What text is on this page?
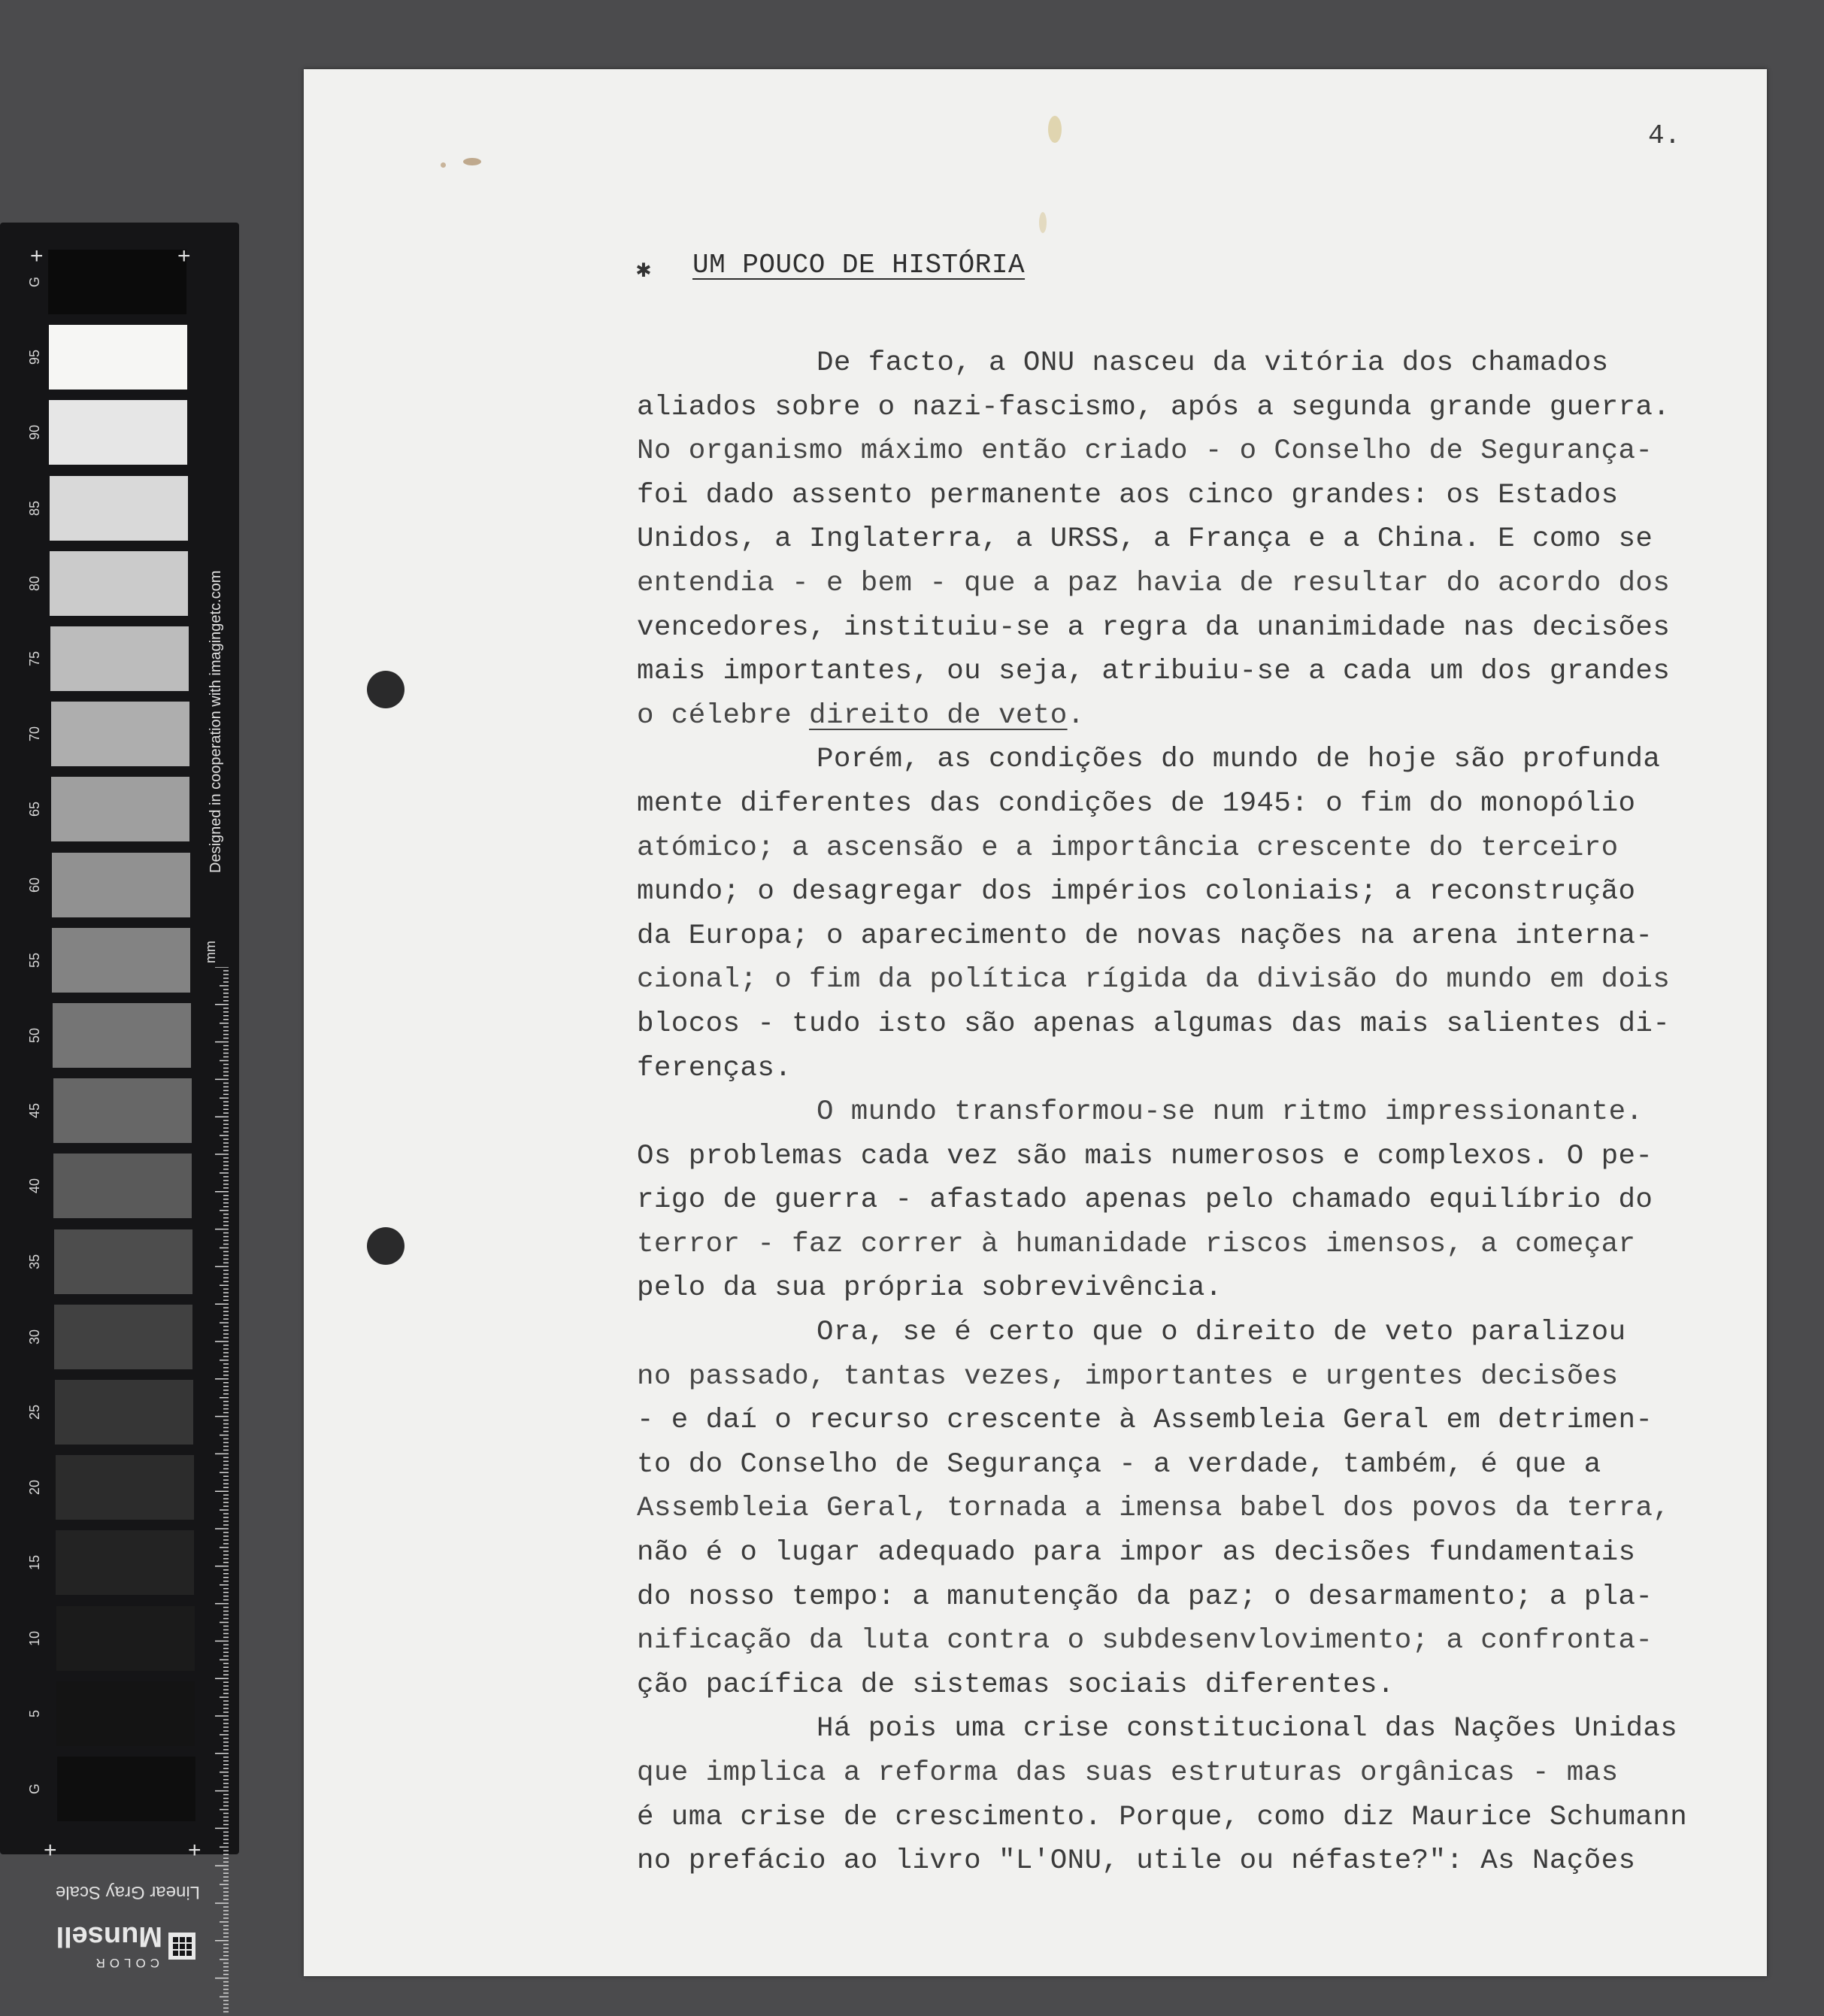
G
95
90
85
80
75
70
65
60
55
50
45
40
35
30
25
20
15
10
5
G
+	+
+	+
Designed in cooperation with imagingetc.com
mm
Linear Gray Scale
COLOR
Munsell
4.
✱ UM POUCO DE HISTÓRIA
De facto, a ONU nasceu da vitória dos chamados
aliados sobre o nazi-fascismo, após a segunda grande guerra.
No organismo máximo então criado - o Conselho de Segurança-
foi dado assento permanente aos cinco grandes: os Estados
Unidos, a Inglaterra, a URSS, a França e a China. E como se
entendia - e bem - que a paz havia de resultar do acordo dos
vencedores, instituiu-se a regra da unanimidade nas decisões
mais importantes, ou seja, atribuiu-se a cada um dos grandes
o célebre direito de veto.
Porém, as condições do mundo de hoje são profunda
mente diferentes das condições de 1945: o fim do monopólio
atómico; a ascensão e a importância crescente do terceiro
mundo; o desagregar dos impérios coloniais; a reconstrução
da Europa; o aparecimento de novas nações na arena interna-
cional; o fim da política rígida da divisão do mundo em dois
blocos - tudo isto são apenas algumas das mais salientes di-
ferenças.
O mundo transformou-se num ritmo impressionante.
Os problemas cada vez são mais numerosos e complexos. O pe-
rigo de guerra - afastado apenas pelo chamado equilíbrio do
terror - faz correr à humanidade riscos imensos, a começar
pelo da sua própria sobrevivência.
Ora, se é certo que o direito de veto paralizou
no passado, tantas vezes, importantes e urgentes decisões
- e daí o recurso crescente à Assembleia Geral em detrimen-
to do Conselho de Segurança - a verdade, também, é que a
Assembleia Geral, tornada a imensa babel dos povos da terra,
não é o lugar adequado para impor as decisões fundamentais
do nosso tempo: a manutenção da paz; o desarmamento; a pla-
nificação da luta contra o subdesenvlovimento; a confronta-
ção pacífica de sistemas sociais diferentes.
Há pois uma crise constitucional das Nações Unidas
que implica a reforma das suas estruturas orgânicas - mas
é uma crise de crescimento. Porque, como diz Maurice Schumann
no prefácio ao livro "L'ONU, utile ou néfaste?": As Nações
